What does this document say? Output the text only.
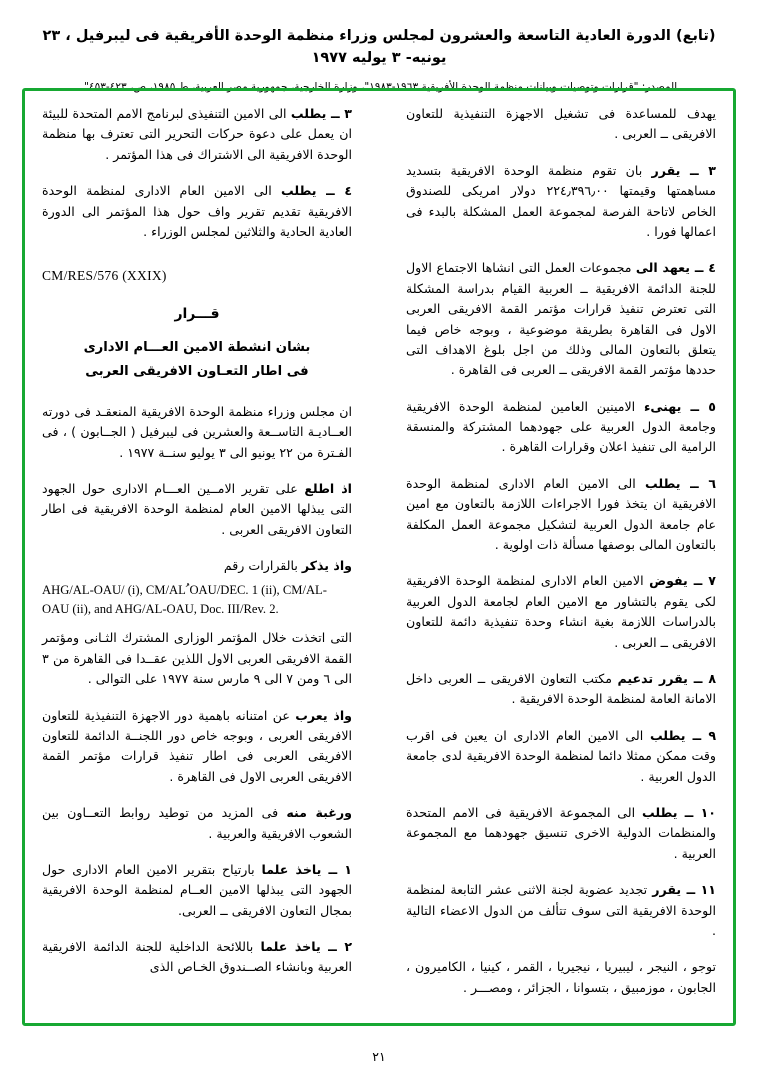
(تابع) الدورة العادية التاسعة والعشرون لمجلس وزراء منظمة الوحدة الأفريقية فى ليبرفيل ، ٢٣ يونيه- ٣ يوليه ١٩٧٧
المصدر: "قرارات وتوصيات وبيانات منظمة الوحدة الأفريقية ١٩٦٣-١٩٨٣"، وزارة الخارجية، جمهورية مصر العربية، ط ١٩٨٥، ص، ٤٢٣-٤٥٣".

يهدف للمساعدة فى تشغيل الاجهزة التنفيذية للتعاون الافريقى ــ العربى .

٣ ــ يقرر بان تقوم منظمة الوحدة الافريقية بتسديد مساهمتها وقيمتها ٢٢٤٫٣٩٦٫٠٠ دولار امريكى للصندوق الخاص لاتاحة الفرصة لمجموعة العمل المشكلة بالبدء فى اعمالها فورا .

٤ ــ يعهد الى مجموعات العمل التى انشاها الاجتماع الاول للجنة الدائمة الافريقية ــ العربية القيام بدراسة المشكلة التى تعترض تنفيذ قرارات مؤتمر القمة الافريقى العربى الاول فى القاهرة بطريقة موضوعية ، وبوجه خاص فيما يتعلق بالتعاون المالى وذلك من اجل بلوغ الاهداف التى حددها مؤتمر القمة الافريقى ــ العربى فى القاهرة .

٥ ــ يهنىء الامينين العامين لمنظمة الوحدة الافريقية وجامعة الدول العربية على جهودهما المشتركة والمنسقة الرامية الى تنفيذ اعلان وقرارات القاهرة .

٦ ــ يطلب الى الامين العام الادارى لمنظمة الوحدة الافريقية ان يتخذ فورا الاجراءات اللازمة بالتعاون مع امين عام جامعة الدول العربية لتشكيل مجموعة العمل المكلفة بالتعاون المالى بوصفها مسألة ذات اولوية .

٧ ــ يفوض الامين العام الادارى لمنظمة الوحدة الافريقية لكى يقوم بالتشاور مع الامين العام لجامعة الدول العربية بالدراسات اللازمة بغية انشاء وحدة تنفيذية دائمة للتعاون الافريقى ــ العربى .

٨ ــ يقرر تدعيم مكتب التعاون الافريقى ــ العربى داخل الامانة العامة لمنظمة الوحدة الافريقية .

٩ ــ يطلب الى الامين العام الادارى ان يعين فى اقرب وقت ممكن ممثلا دائما لمنظمة الوحدة الافريقية لدى جامعة الدول العربية .

١٠ ــ يطلب الى المجموعة الافريقية فى الامم المتحدة والمنظمات الدولية الاخرى تنسيق جهودهما مع المجموعة العربية .

١١ ــ يقرر تجديد عضوية لجنة الاثنى عشر التابعة لمنظمة الوحدة الافريقية التى سوف تتألف من الدول الاعضاء التالية .

توجو ، النيجر ، ليبيريا ، نيجيريا ، القمر ، كينيا ، الكاميرون ، الجابون ، موزمبيق ، بتسوانا ، الجزائر ، ومصـــر .

٣ ــ يطلب الى الامين التنفيذى لبرنامج الامم المتحدة للبيئة ان يعمل على دعوة حركات التحرير التى تعترف بها منظمة الوحدة الافريقية الى الاشتراك فى هذا المؤتمر .

٤ ــ يطلب الى الامين العام الادارى لمنظمة الوحدة الافريقية تقديم تقرير واف حول هذا المؤتمر الى الدورة العادية الحادية والثلاثين لمجلس الوزراء .

CM/RES/576 (XXIX)
قـــرار
بشان انشطة الامين العـــام الادارى
فى اطار التعـاون الافريقى العربى

ان مجلس وزراء منظمة الوحدة الافريقية المنعقـد فى دورته العــاديـة التاســعة والعشرين فى ليبرفيل ( الجــابون ) ، فى الفـترة من ٢٢ يونيو الى ٣ يوليو سنــة ١٩٧٧ .

اذ اطلع على تقرير الامــين العـــام الادارى حول الجهود التى يبذلها الامين العام لمنظمة الوحدة الافريقية فى اطار التعاون الافريقى العربى .

واذ يذكر بالقرارات رقم

AHG/AL-OAU/ (i), CM/AL ُOAU/DEC. 1 (ii), CM/AL-OAU (ii), and AHG/AL-OAU, Doc. III/Rev. 2.

التى اتخذت خلال المؤتمر الوزارى المشترك الثـانى ومؤتمر القمة الافريقى العربى الاول اللذين عقــدا فى القاهرة من ٣ الى ٦ ومن ٧ الى ٩ مارس سنة ١٩٧٧ على التوالى .

واذ يعرب عن امتنانه باهمية دور الاجهزة التنفيذية للتعاون الافريقى العربى ، وبوجه خاص دور اللجنــة الدائمة للتعاون الافريقى العربى فى اطار تنفيذ قرارات مؤتمر القمة الافريقى العربى الاول فى القاهرة .

ورغبة منه فى المزيد من توطيد روابط التعــاون بين الشعوب الافريقية والعربية .

١ ــ ياخذ علما بارتياح بتقرير الامين العام الادارى حول الجهود التى يبذلها الامين العــام لمنظمة الوحدة الافريقية بمجال التعاون الافريقى ــ العربى.

٢ ــ ياخذ علما باللائحة الداخلية للجنة الدائمة الافريقية العربية وبانشاء الصــندوق الخـاص الذى

٢١
